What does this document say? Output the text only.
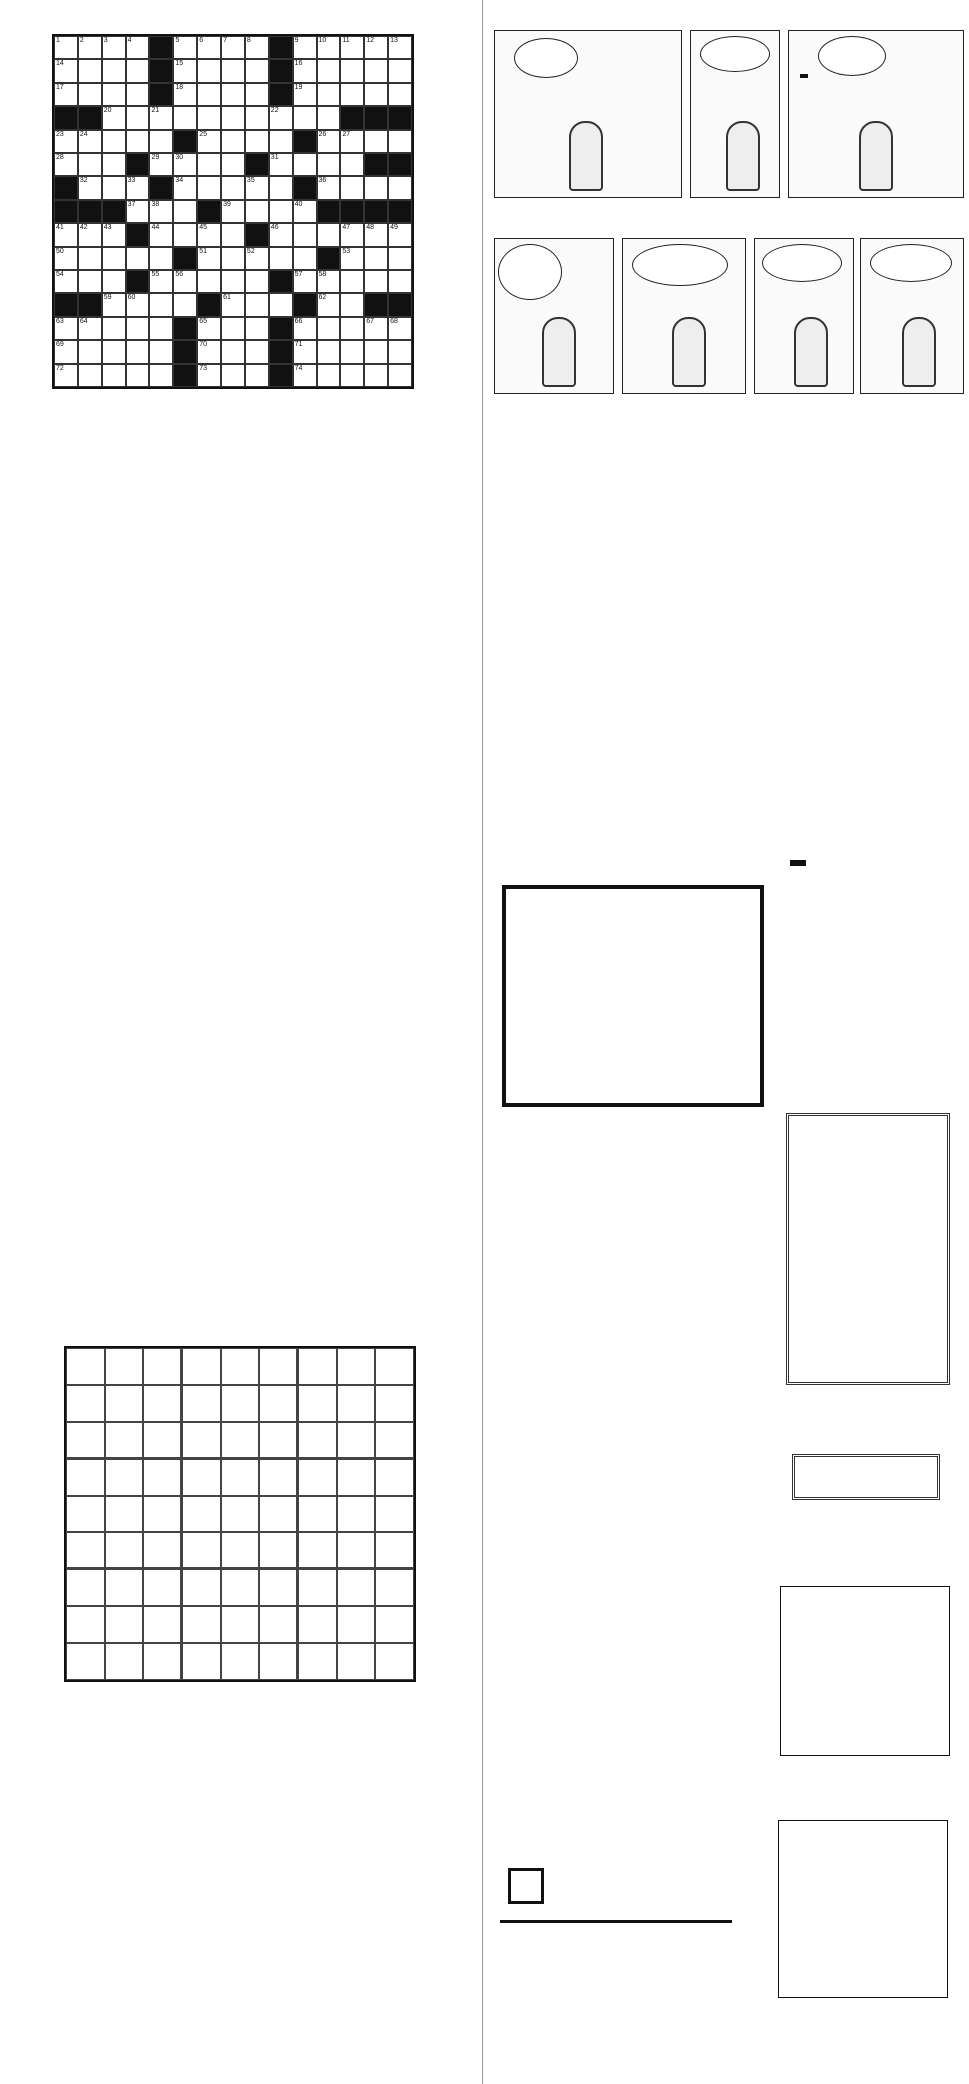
1	2	3	4	5	6	7	8	9	10 11 12 13
14	15	16
17	18	19
20	21	22
23 24	25	26 27
28	29 30	31
32	33	34	35	36
37 38	39	40
41 42 43	44	45	46	47 48 49
50	51	52	53
54	55 56	57 58
59 60	61	62
63 64	65	66	67 68
69	70	71
72	73	74
